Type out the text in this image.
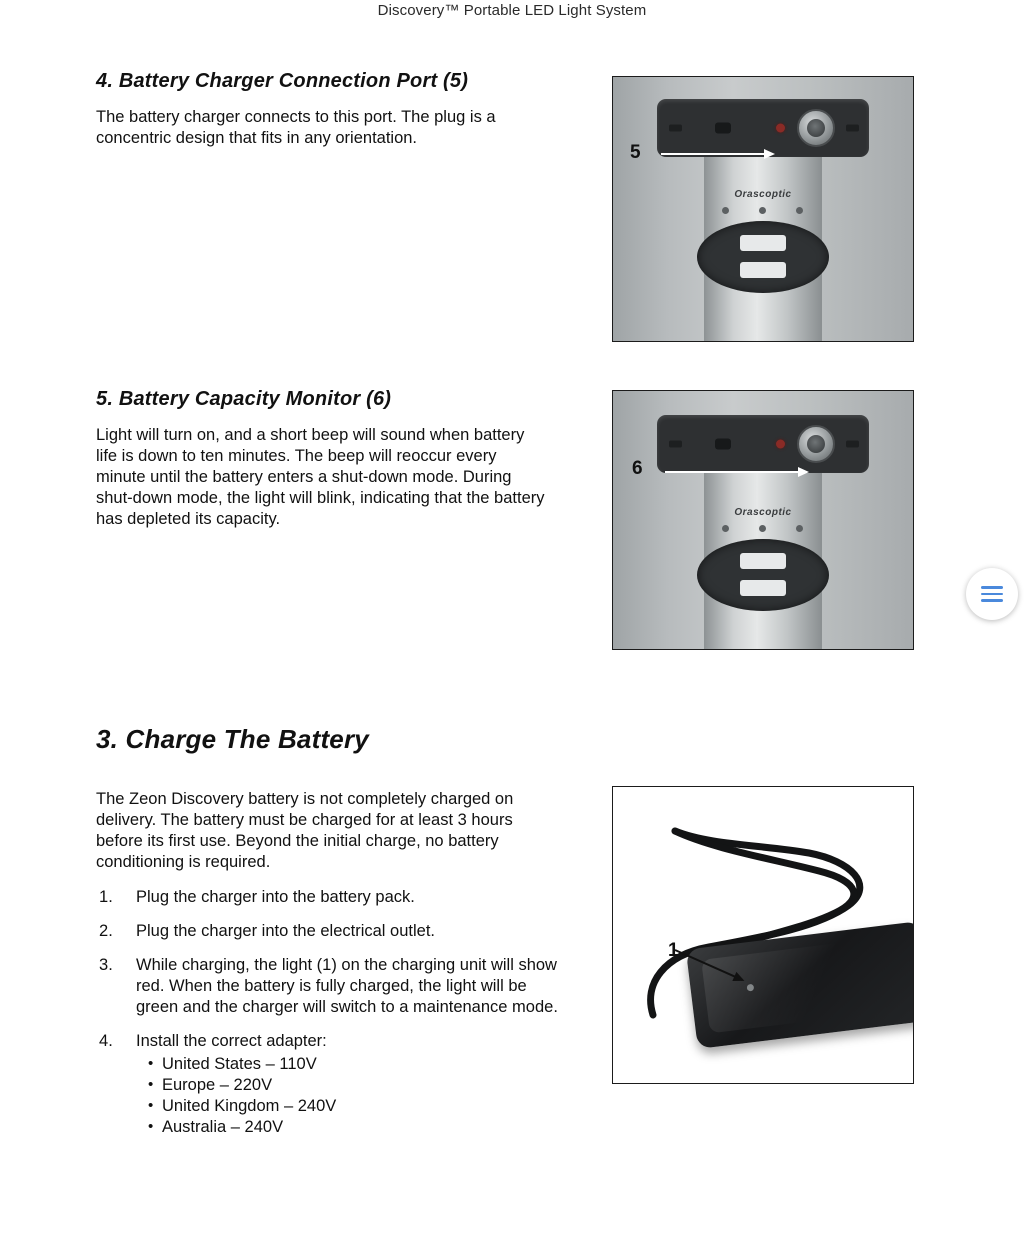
Discovery™ Portable LED Light System
4. Battery Charger Connection Port (5)

The battery charger connects to this port. The plug is a concentric design that fits in any orientation.

Orascoptic
5
5. Battery Capacity Monitor (6)

Light will turn on, and a short beep will sound when battery life is down to ten minutes. The beep will reoccur every minute until the battery enters a shut-down mode. During shut-down mode, the light will blink, indicating that the battery has depleted its capacity.	Orascoptic
6
3. Charge The Battery

The Zeon Discovery battery is not completely charged on delivery. The battery must be charged for at least 3 hours before its first use. Beyond the initial charge, no battery conditioning is required.

Plug the charger into the battery pack.
Plug the charger into the electrical outlet.
While charging, the light (1) on the charging unit will show red. When the battery is fully charged, the light will be green and the charger will switch to a maintenance mode.
Install the correct adapter:
• United States – 110V
• Europe – 220V
• United Kingdom – 240V
• Australia – 240V
1
